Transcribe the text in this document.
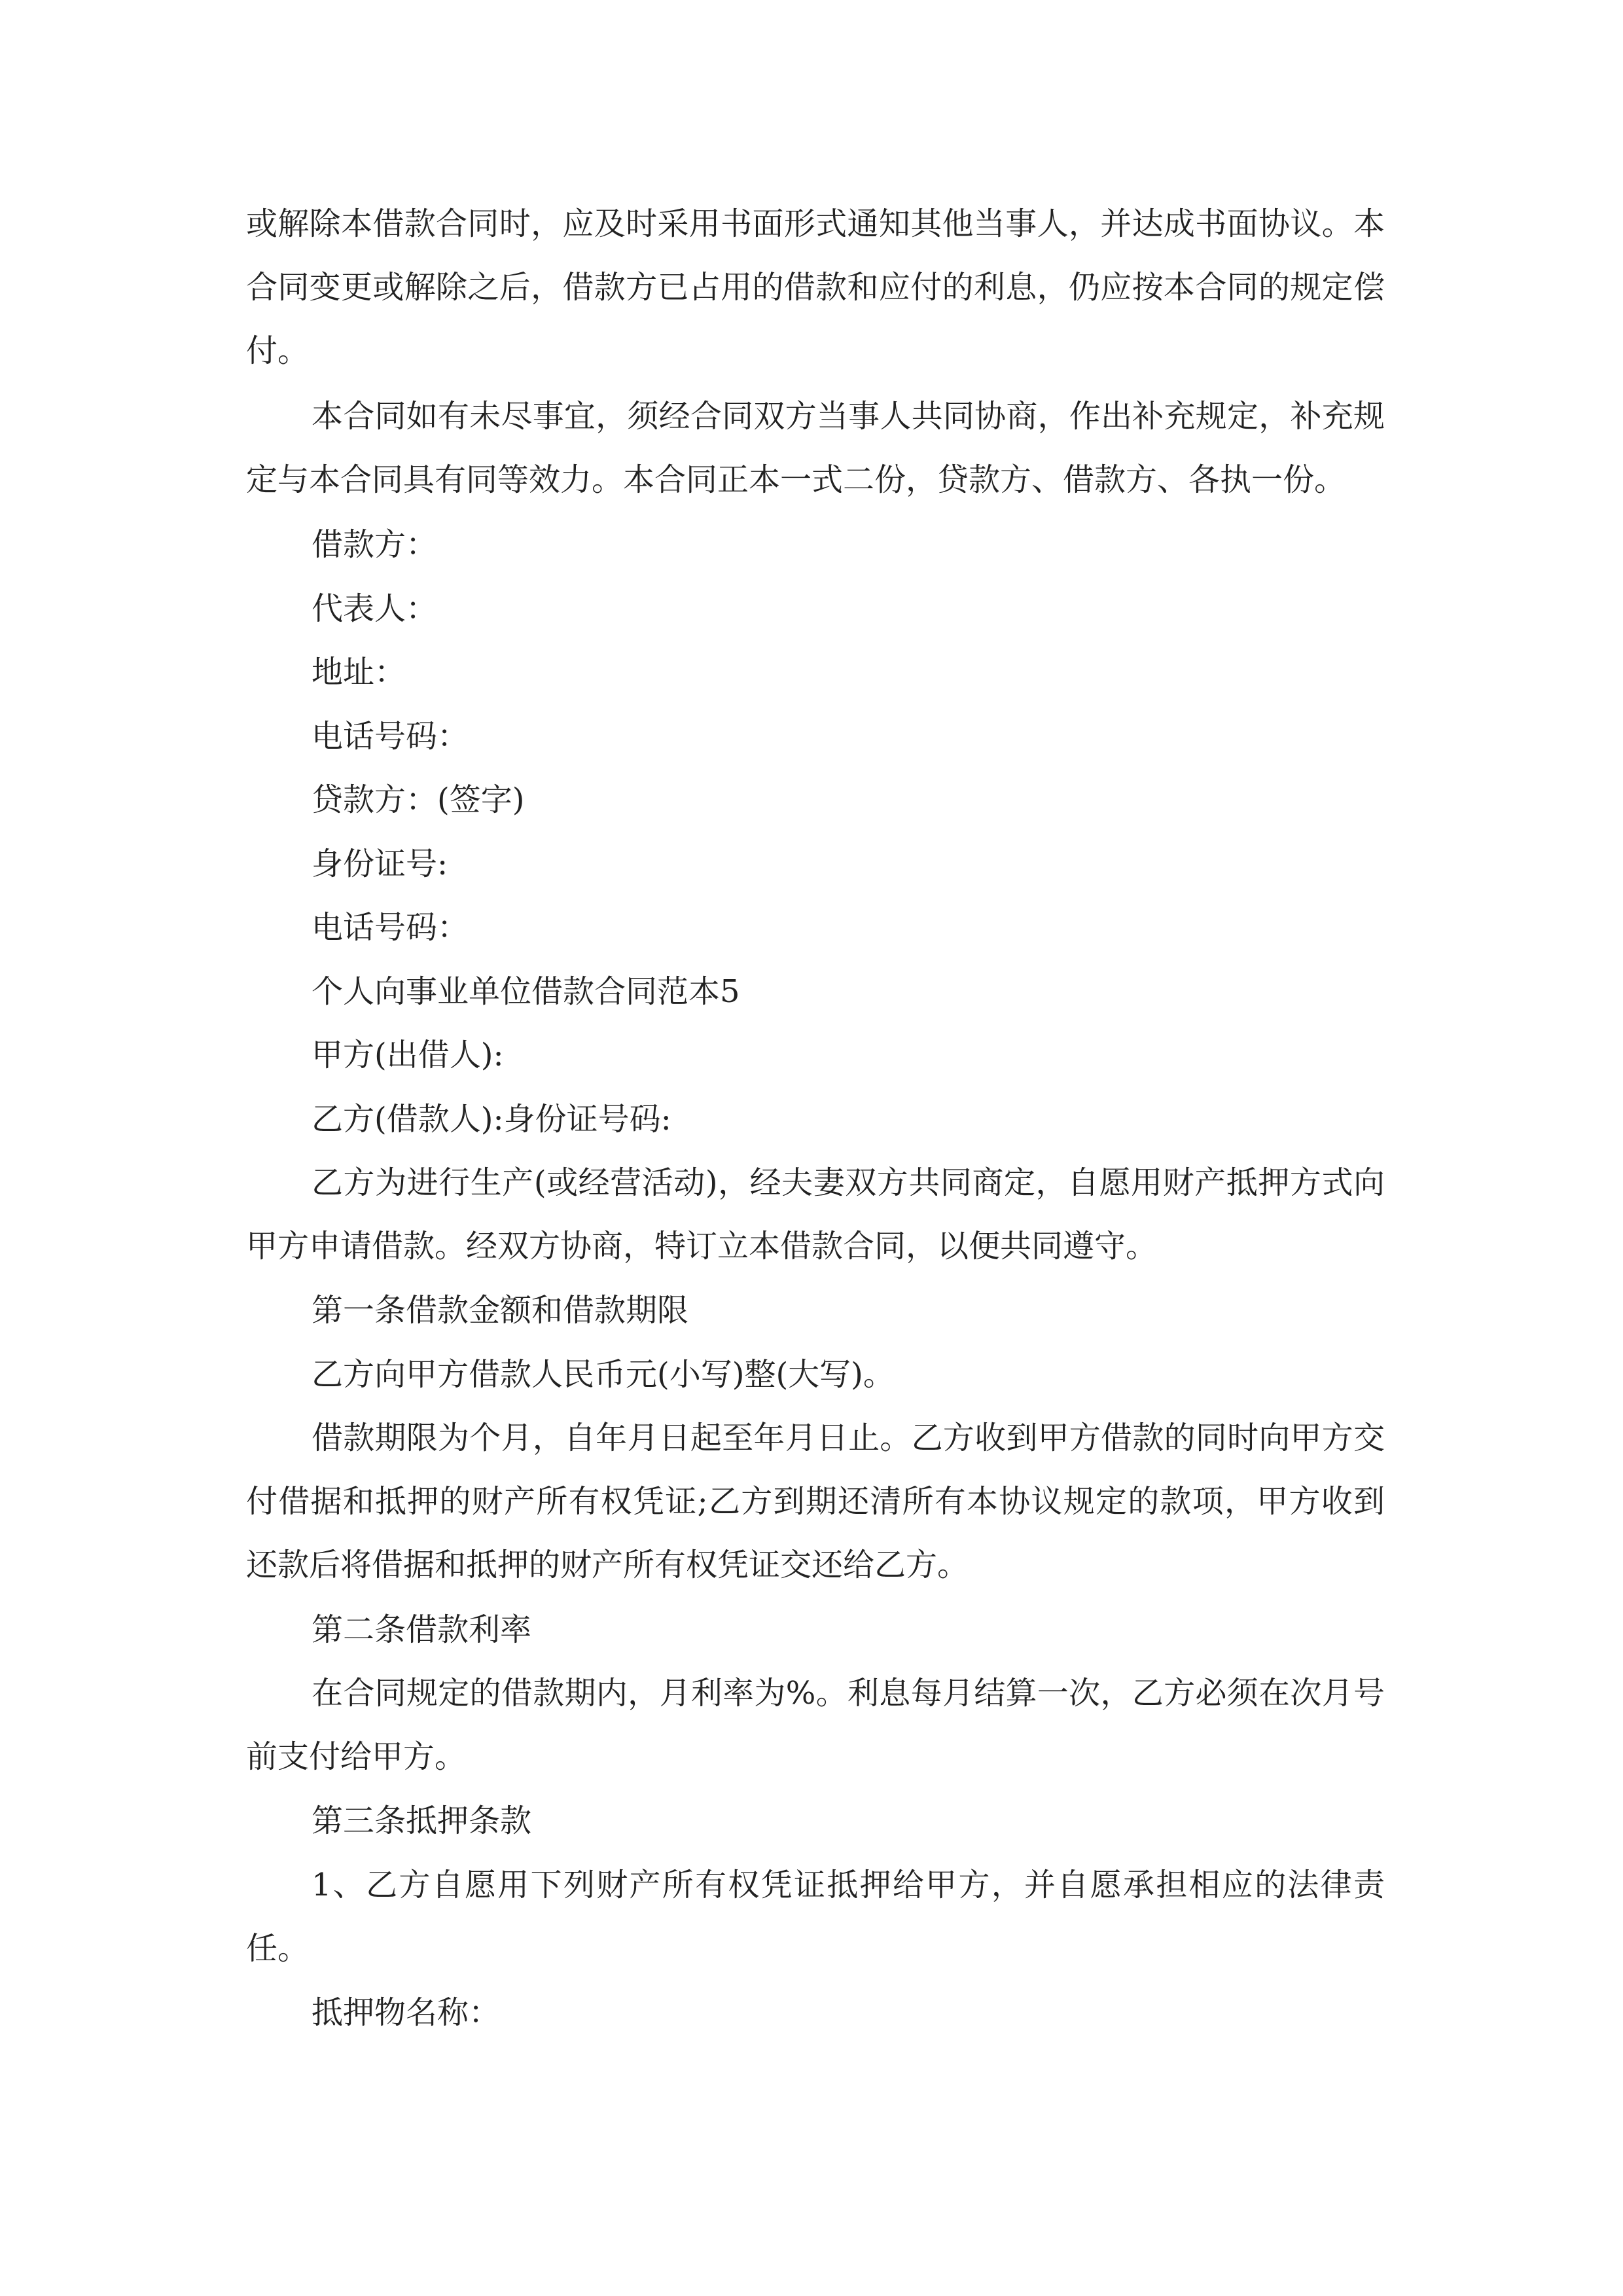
或解除本借款合同时，应及时采用书面形式通知其他当事人，并达成书面协议。本合同变更或解除之后，借款方已占用的借款和应付的利息，仍应按本合同的规定偿付。

本合同如有未尽事宜，须经合同双方当事人共同协商，作出补充规定，补充规定与本合同具有同等效力。本合同正本一式二份，贷款方、借款方、各执一份。

借款方：

代表人：

地址：

电话号码：

贷款方：(签字)

身份证号:

电话号码：

个人向事业单位借款合同范本5

甲方(出借人):

乙方(借款人):身份证号码:

乙方为进行生产(或经营活动)，经夫妻双方共同商定，自愿用财产抵押方式向甲方申请借款。经双方协商，特订立本借款合同，以便共同遵守。

第一条借款金额和借款期限

乙方向甲方借款人民币元(小写)整(大写)。

借款期限为个月，自年月日起至年月日止。乙方收到甲方借款的同时向甲方交付借据和抵押的财产所有权凭证;乙方到期还清所有本协议规定的款项，甲方收到还款后将借据和抵押的财产所有权凭证交还给乙方。

第二条借款利率

在合同规定的借款期内，月利率为%。利息每月结算一次，乙方必须在次月号前支付给甲方。

第三条抵押条款

1、乙方自愿用下列财产所有权凭证抵押给甲方，并自愿承担相应的法律责任。

抵押物名称：
